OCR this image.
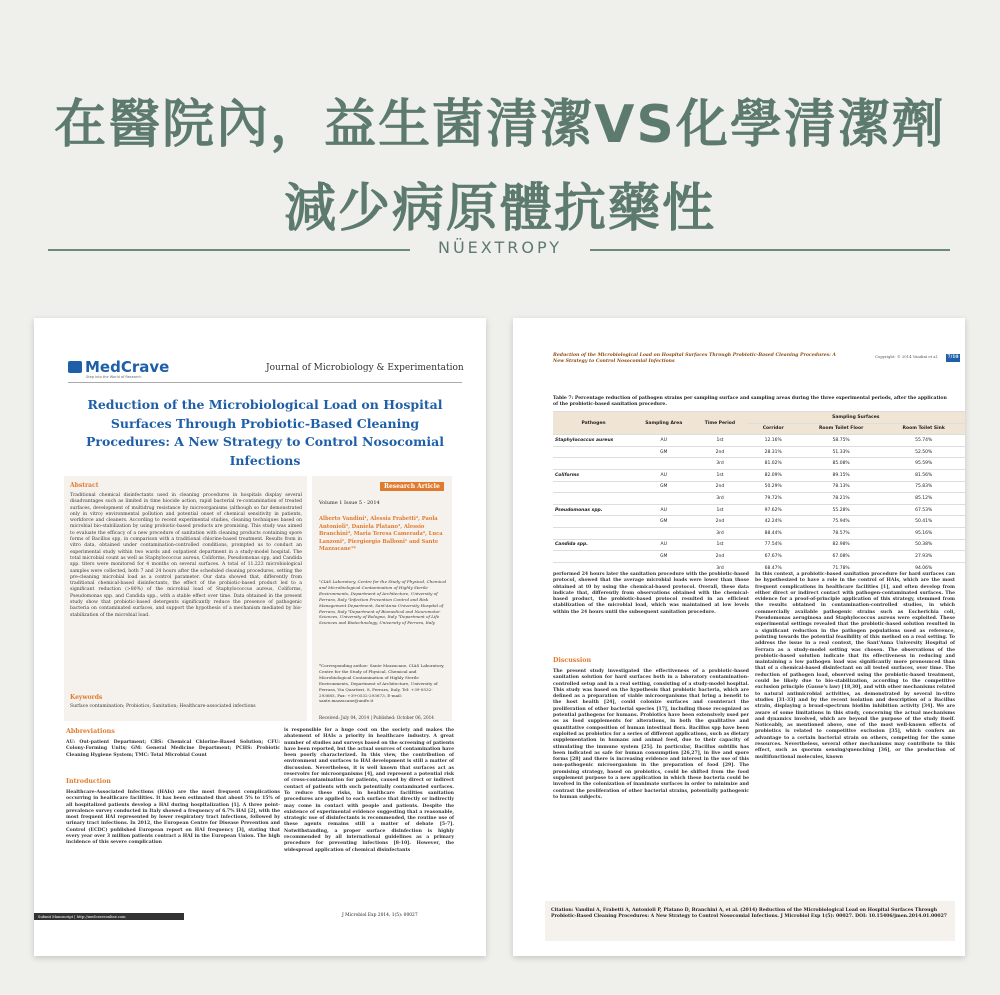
在醫院內，益生菌清潔VS化學清潔劑
減少病原體抗藥性
NÜEXTROPY
MedCrave
Step into the World of Research
Journal of Microbiology & Experimentation
Reduction of the Microbiological Load on Hospital Surfaces Through Probiotic-Based Cleaning Procedures: A New Strategy to Control Nosocomial Infections
Abstract
Traditional chemical disinfectants used in cleaning procedures in hospitals display several disadvantages such as limited in time biocide action, rapid bacterial re-contamination of treated surfaces, development of multidrug resistance by microorganisms (although so far demonstrated only in vitro) environmental pollution and potential onset of chemical sensitivity in patients, workforce and cleaners. According to recent experimental studies, cleaning techniques based on microbial bio-stabilization by using probiotic-based products are promising. This study was aimed to evaluate the efficacy of a new procedure of sanitation with cleaning products containing spore forms of Bacillus spp, in comparison with a traditional chlorine-based treatment. Results from in vitro data, obtained under contamination-controlled conditions, prompted us to conduct an experimental study within two wards and outpatient department in a study-model hospital. The total microbial count as well as Staphylococcus aureus, Coliforms, Pseudomonas spp, and Candida spp. titers were monitored for 4 months on several surfaces. A total of 11.223 microbiological samples were collected, both 7 and 24 hours after the scheduled cleaning procedures, setting the pre-cleaning microbial load as a control parameter. Our data showed that, differently from traditional chemical-based disinfectants, the effect of the probiotic-based product led to a significant reduction (>80%) of the microbial load of Staphylococcus aureus, Coliforms, Pseudomonas spp. and Candida spp., with a stable effect over time. Data obtained in the present study show that probiotic-based detergents significantly reduce the presence of pathogenic bacteria on contaminated surfaces, and support the hypothesis of a mechanism mediated by bio-stabilization of the microbial load.
Keywords
Surface contamination; Probiotics; Sanitation; Healthcare-associated infections
Research Article
Volume 1 Issue 5 - 2014
Alberto Vandini¹, Alessia Frabetti², Paola Antonioli³, Daniela Platano³, Alessio Branchini⁴, Maria Teresa Camerada⁴, Luca Lanzoni¹, Piergiorgio Balboni¹ and Sante Mazzacane¹*
¹CIAS Laboratory, Centre for the Study of Physical, Chemical and Microbiological Contamination of Highly Sterile Environments, Department of Architecture, University of Ferrara, Italy ²Infection Prevention Control and Risk Management Department, Sant'Anna University Hospital of Ferrara, Italy ³Department of Biomedical and Neuromotor Sciences, University of Bologna, Italy ⁴Department of Life Sciences and Biotechnology, University of Ferrara, Italy
*Corresponding author: Sante Mazzacane, CIAS Laboratory, Centre for the Study of Physical, Chemical and Microbiological Contamination of Highly Sterile Environments, Department of Architecture, University of Ferrara, Via Quartieri, 8, Ferrara, Italy, Tel: +39-0532-293685, Fax: +39-0532-293673, E-mail: sante.mazzacane@unife.it
Received: July 04, 2014 | Published: October 06, 2014
Abbreviations
AU: Out-patient Department; CBS: Chemical Chlorine-Based Solution; CFU: Colony-Forming Units; GM: General Medicine Department; PCHS: Probiotic Cleaning Hygiene System; TMC: Total Microbial Count
Introduction
Healthcare-Associated Infections (HAIs) are the most frequent complications occurring in healthcare facilities. It has been estimated that about 5% to 15% of all hospitalized patients develop a HAI during hospitalization [1]. A three point-prevalence survey conducted in Italy showed a frequency of 6.7% HAI [2], with the most frequent HAI represented by lower respiratory tract infections, followed by urinary tract infections. In 2012, the European Centre for Disease Prevention and Control (ECDC) published European report on HAI frequency [3], stating that every year over 3 million patients contract a HAI in the European Union. The high incidence of this severe complication
is responsible for a huge cost on the society and makes the abatement of HAIs a priority in healthcare industry. A great number of studies and surveys based on the screening of patients have been reported, but the actual sources of contamination have been poorly characterized. In this view, the contribution of environment and surfaces to HAI development is still a matter of discussion. Nevertheless, it is well known that surfaces act as reservoirs for microorganisms [4], and represent a potential risk of cross-contamination for patients, caused by direct or indirect contact of patients with such potentially contaminated surfaces. To reduce these risks, in healthcare facilities sanitation procedures are applied to each surface that directly or indirectly may come in contact with people and patients. Despite the existence of experimental evidence suggesting that a reasonable, strategic use of disinfectants is recommended, the routine use of these agents remains still a matter of debate [5-7]. Notwithstanding, a proper surface disinfection is highly recommended by all international guidelines as a primary procedure for preventing infections [8-10]. However, the widespread application of chemical disinfectants
Submit Manuscript | http://medcraveonline.com	J Microbiol Exp 2014, 1(5): 00027
Reduction of the Microbiological Load on Hospital Surfaces Through Probiotic-Based Cleaning Procedures: A New Strategy to Control Nosocomial Infections
Copyright: © 2014 Vandini et al.	7/10
Table 7: Percentage reduction of pathogen strains per sampling surface and sampling areas during the three experimental periods, after the application of the probiotic-based sanitation procedure.
Pathogen	Sampling Area	Time Period	Sampling Surfaces		
			Corridor	Room Toilet Floor	Room Toilet Sink
Staphylococcus aureus	AU	1st	12.16%	58.75%	55.74%
	GM	2nd	28.31%	51.33%	52.50%
		3rd	81.02%	85.08%	95.59%
Coliforms	AU	1st	82.09%	89.15%	81.56%
	GM	2nd	50.29%	78.13%	75.83%
		3rd	79.72%	78.21%	85.12%
Pseudomonas spp.	AU	1st	97.62%	55.28%	67.53%
	GM	2nd	42.24%	75.94%	50.41%
		3rd	88.44%	78.57%	95.16%
Candida spp.	AU	1st	77.54%	82.98%	50.38%
	GM	2nd	67.67%	67.08%	27.93%
		3rd	68.47%	71.78%	94.06%
performed 24 hours later the sanitation procedure with the probiotic-based protocol, showed that the average microbial loads were lower than those obtained at t0 by using the chemical-based protocol. Overall, these data indicate that, differently from observations obtained with the chemical-based product, the probiotic-based protocol resulted in an efficient stabilization of the microbial load, which was maintained at low levels within the 24 hours until the subsequent sanitation procedure.
Discussion
The present study investigated the effectiveness of a probiotic-based sanitation solution for hard surfaces both in a laboratory contamination-controlled setup and in a real setting, consisting of a study-model hospital. This study was based on the hypothesis that probiotic bacteria, which are defined as a preparation of viable microorganisms that bring a benefit to the host health [24], could colonize surfaces and counteract the proliferation of other bacterial species [17], including those recognized as potential pathogens for humans. Probiotics have been extensively used per os as food supplements for alterations, in both the qualitative and quantitative composition of human intestinal flora. Bacillus spp have been exploited as probiotics for a series of different applications, such as dietary supplementation in humans and animal feed, due to their capacity of stimulating the immune system [25]. In particular, Bacillus subtilis has been indicated as safe for human consumption [26,27], in live and spore forms [28] and there is increasing evidence and interest in the use of this non-pathogenic microorganism in the preparation of food [29]. The promising strategy, based on probiotics, could be shifted from the food supplement purpose to a new application in which these bacteria could be involved in the colonization of inanimate surfaces in order to minimize and contrast the proliferation of other bacterial strains, potentially pathogenic to human subjects.
In this context, a probiotic-based sanitation procedure for hard surfaces can be hypothesized to have a role in the control of HAIs, which are the most frequent complications in healthcare facilities [1], and often develop from either direct or indirect contact with pathogen-contaminated surfaces. The evidence for a proof-of-principle application of this strategy, stemmed from the results obtained in contamination-controlled studies, in which commercially available pathogenic strains such as Escherichia coli, Pseudomonas aeruginosa and Staphylococcus aureus were exploited. These experimental settings revealed that the probiotic-based solution resulted in a significant reduction in the pathogen populations used as reference, pointing towards the potential feasibility of this method on a real setting. To address the issue in a real context, the Sant'Anna University Hospital of Ferrara as a study-model setting was chosen. The observations of the probiotic-based solution indicate that its effectiveness in reducing and maintaining a low pathogen load was significantly more pronounced than that of a chemical-based disinfectant on all tested surfaces, over time. The reduction of pathogen load, observed using the probiotic-based treatment, could be likely due to bio-stabilization, according to the competitive exclusion principle (Gause's law) [18,30], and with other mechanisms related to natural antimicrobial activities, as demonstrated by several in-vitro studies [31-33] and by the recent isolation and description of a Bacillus strain, displaying a broad-spectrum biofilm inhibition activity [34]. We are aware of some limitations in this study, concerning the actual mechanisms and dynamics involved, which are beyond the purpose of the study itself. Noticeably, as mentioned above, one of the most well-known effects of probiotics is related to competitive exclusion [35], which confers an advantage to a certain bacterial strain on others, competing for the same resources. Nevertheless, several other mechanisms may contribute to this effect, such as quorum sensing/quenching [36], or the production of multifunctional molecules, known
Citation: Vandini A, Frabetti A, Antonioli P, Platano D, Branchini A, et al. (2014) Reduction of the Microbiological Load on Hospital Surfaces Through Probiotic-Based Cleaning Procedures: A New Strategy to Control Nosocomial Infections. J Microbiol Exp 1(5): 00027. DOI: 10.15406/jmen.2014.01.00027
